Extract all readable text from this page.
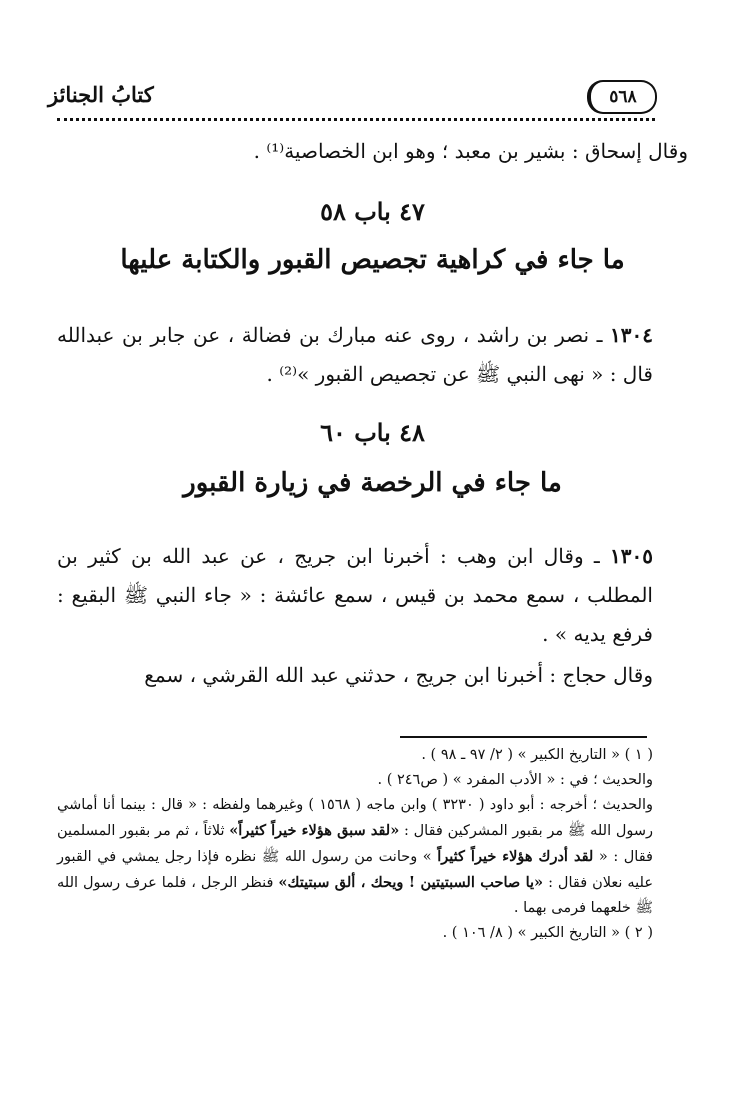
٥٦٨
كتابُ الجنائز
وقال إسحاق : بشير بن معبد ؛ وهو ابن الخصاصية⁽¹⁾ .
٤٧ باب ٥٨
ما جاء في كراهية تجصيص القبور والكتابة عليها
١٣٠٤ ـ نصر بن راشد ، روى عنه مبارك بن فضالة ، عن جابر بن عبدالله قال : « نهى النبي ﷺ عن تجصيص القبور »⁽²⁾ .
٤٨ باب ٦٠
ما جاء في الرخصة في زيارة القبور
١٣٠٥ ـ وقال ابن وهب : أخبرنا ابن جريج ، عن عبد الله بن كثير بن المطلب ، سمع محمد بن قيس ، سمع عائشة : « جاء النبي ﷺ البقيع : فرفع يديه » .
وقال حجاج : أخبرنا ابن جريج ، حدثني عبد الله القرشي ، سمع

( ١ ) « التاريخ الكبير » ( ٢/ ٩٧ ـ ٩٨ ) .

والحديث ؛ في : « الأدب المفرد » ( ص٢٤٦ ) .

والحديث ؛ أخرجه : أبو داود ( ٣٢٣٠ ) وابن ماجه ( ١٥٦٨ ) وغيرهما ولفظه : « قال : بينما أنا أماشي رسول الله ﷺ مر بقبور المشركين فقال : «لقد سبق هؤلاء خيراً كثيراً» ثلاثاً ، ثم مر بقبور المسلمين فقال : « لقد أدرك هؤلاء خيراً كثيراً » وحانت من رسول الله ﷺ نظره فإذا رجل يمشي في القبور عليه نعلان فقال : «يا صاحب السبتيتين ! ويحك ، ألق سبتيتك» فنظر الرجل ، فلما عرف رسول الله ﷺ خلعهما فرمى بهما .

( ٢ ) « التاريخ الكبير » ( ٨/ ١٠٦ ) .
